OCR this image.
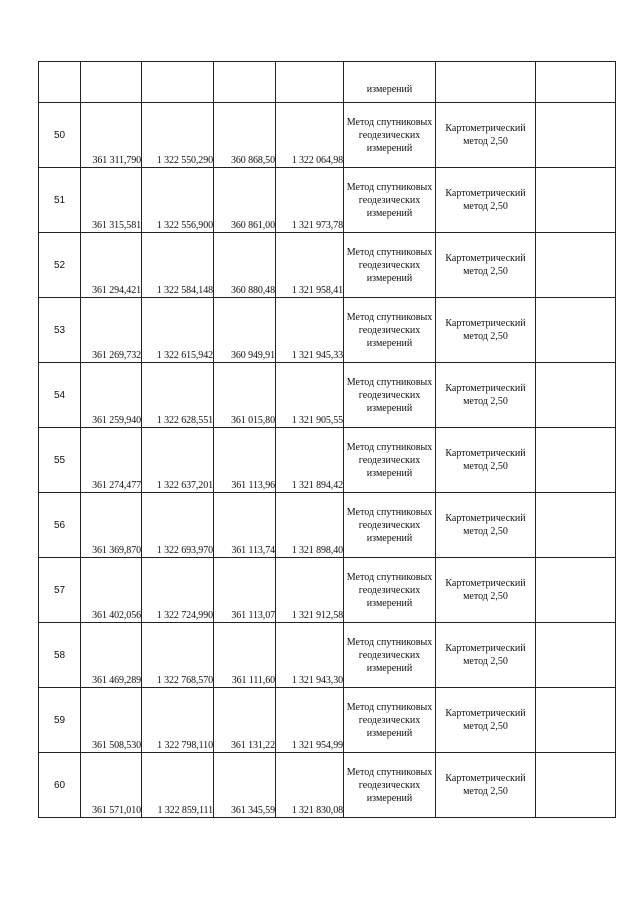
					измерений		
50	361 311,790	1 322 550,290	360 868,50	1 322 064,98	Метод спутниковых геодезических измерений	Картометрический метод 2,50	
51	361 315,581	1 322 556,900	360 861,00	1 321 973,78	Метод спутниковых геодезических измерений	Картометрический метод 2,50	
52	361 294,421	1 322 584,148	360 880,48	1 321 958,41	Метод спутниковых геодезических измерений	Картометрический метод 2,50	
53	361 269,732	1 322 615,942	360 949,91	1 321 945,33	Метод спутниковых геодезических измерений	Картометрический метод 2,50	
54	361 259,940	1 322 628,551	361 015,80	1 321 905,55	Метод спутниковых геодезических измерений	Картометрический метод 2,50	
55	361 274,477	1 322 637,201	361 113,96	1 321 894,42	Метод спутниковых геодезических измерений	Картометрический метод 2,50	
56	361 369,870	1 322 693,970	361 113,74	1 321 898,40	Метод спутниковых геодезических измерений	Картометрический метод 2,50	
57	361 402,056	1 322 724,990	361 113,07	1 321 912,58	Метод спутниковых геодезических измерений	Картометрический метод 2,50	
58	361 469,289	1 322 768,570	361 111,60	1 321 943,30	Метод спутниковых геодезических измерений	Картометрический метод 2,50	
59	361 508,530	1 322 798,110	361 131,22	1 321 954,99	Метод спутниковых геодезических измерений	Картометрический метод 2,50	
60	361 571,010	1 322 859,111	361 345,59	1 321 830,08	Метод спутниковых геодезических измерений	Картометрический метод 2,50	
